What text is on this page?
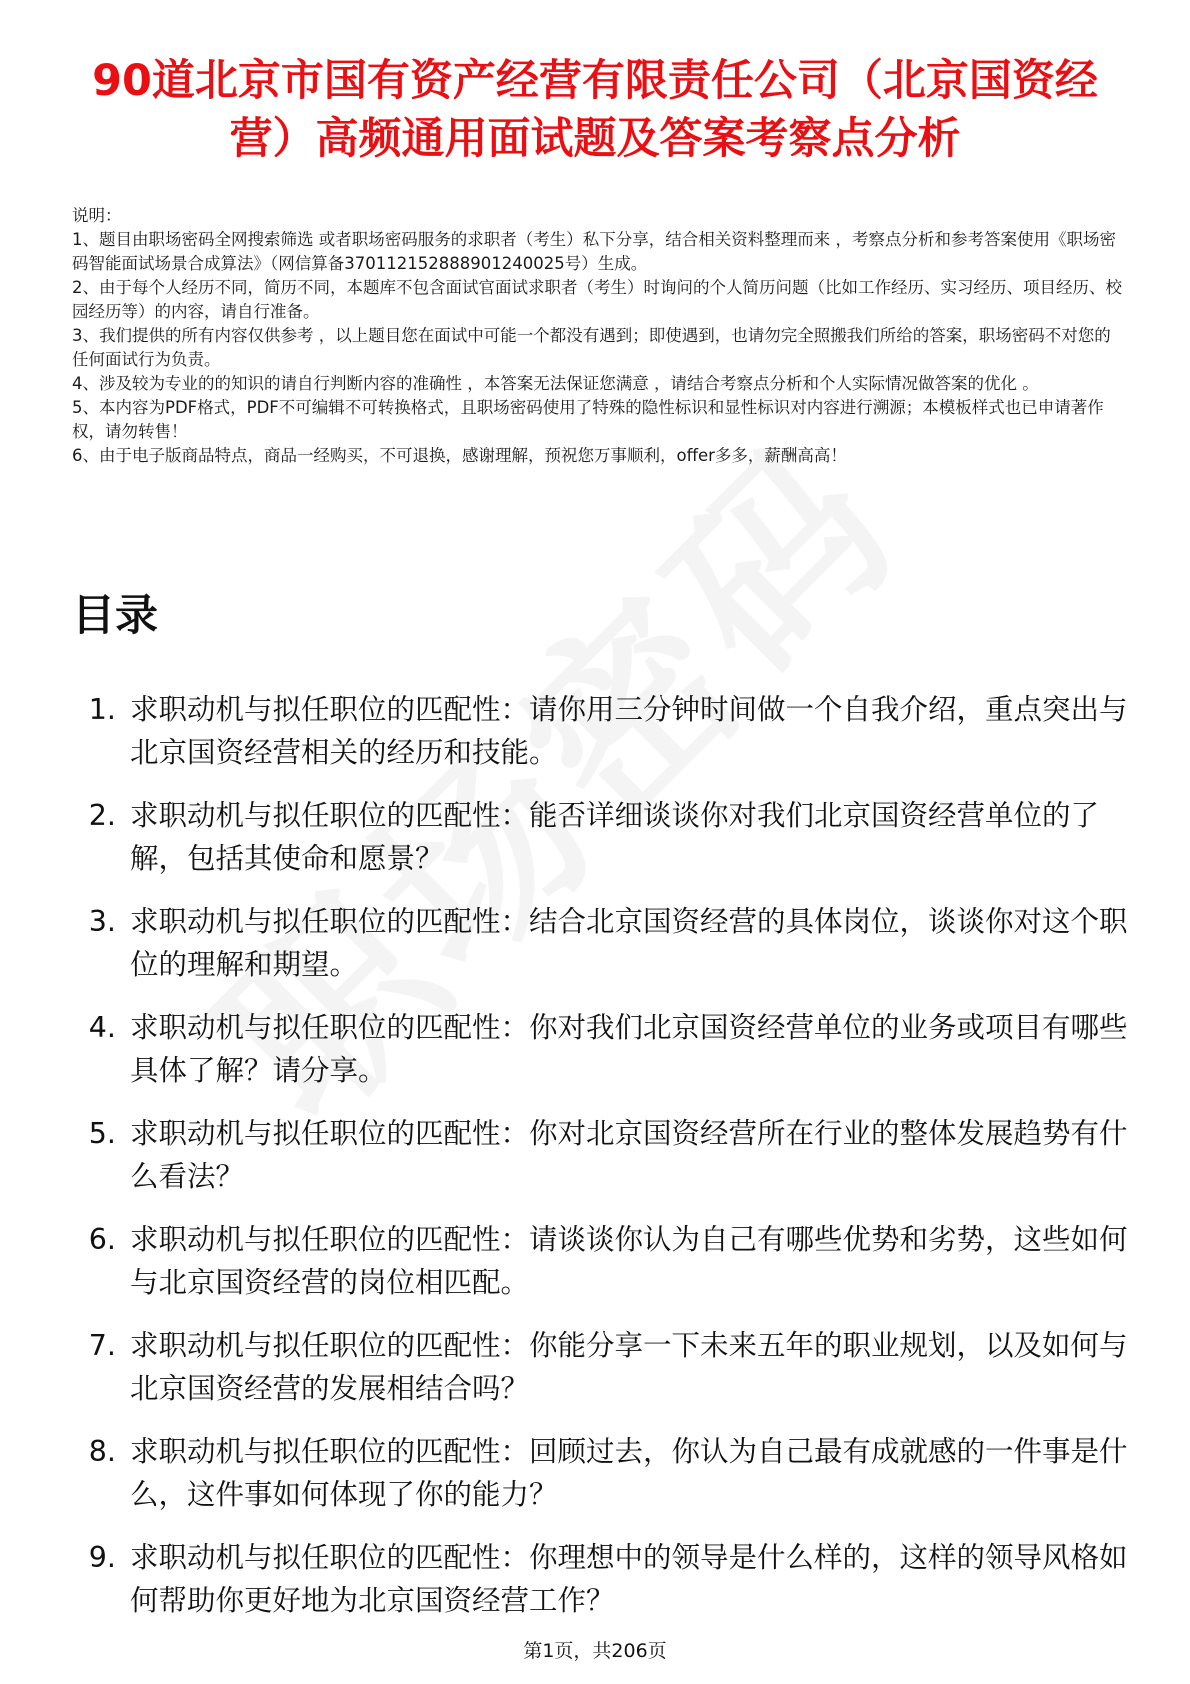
90道北京市国有资产经营有限责任公司（北京国资经营）高频通用面试题及答案考察点分析

说明：

1、题目由职场密码全网搜索筛选 或者职场密码服务的求职者（考生）私下分享，结合相关资料整理而来 ，考察点分析和参考答案使用《职场密码智能面试场景合成算法》（网信算备370112152888901240025号）生成。

2、由于每个人经历不同，简历不同，本题库不包含面试官面试求职者（考生）时询问的个人简历问题（比如工作经历、实习经历、项目经历、校园经历等）的内容，请自行准备。

3、我们提供的所有内容仅供参考 ，以上题目您在面试中可能一个都没有遇到；即使遇到，也请勿完全照搬我们所给的答案，职场密码不对您的任何面试行为负责。

4、涉及较为专业的的知识的请自行判断内容的准确性 ，本答案无法保证您满意 ，请结合考察点分析和个人实际情况做答案的优化 。

5、本内容为PDF格式，PDF不可编辑不可转换格式，且职场密码使用了特殊的隐性标识和显性标识对内容进行溯源；本模板样式也已申请著作权，请勿转售！

6、由于电子版商品特点，商品一经购买，不可退换，感谢理解，预祝您万事顺利，offer多多，薪酬高高！

目录
1. 求职动机与拟任职位的匹配性：请你用三分钟时间做一个自我介绍，重点突出与北京国资经营相关的经历和技能。
2. 求职动机与拟任职位的匹配性：能否详细谈谈你对我们北京国资经营单位的了解，包括其使命和愿景？
3. 求职动机与拟任职位的匹配性：结合北京国资经营的具体岗位，谈谈你对这个职位的理解和期望。
4. 求职动机与拟任职位的匹配性：你对我们北京国资经营单位的业务或项目有哪些具体了解？请分享。
5. 求职动机与拟任职位的匹配性：你对北京国资经营所在行业的整体发展趋势有什么看法？
6. 求职动机与拟任职位的匹配性：请谈谈你认为自己有哪些优势和劣势，这些如何与北京国资经营的岗位相匹配。
7. 求职动机与拟任职位的匹配性：你能分享一下未来五年的职业规划，以及如何与北京国资经营的发展相结合吗？
8. 求职动机与拟任职位的匹配性：回顾过去，你认为自己最有成就感的一件事是什么，这件事如何体现了你的能力？
9. 求职动机与拟任职位的匹配性：你理想中的领导是什么样的，这样的领导风格如何帮助你更好地为北京国资经营工作？
第1页，共206页
